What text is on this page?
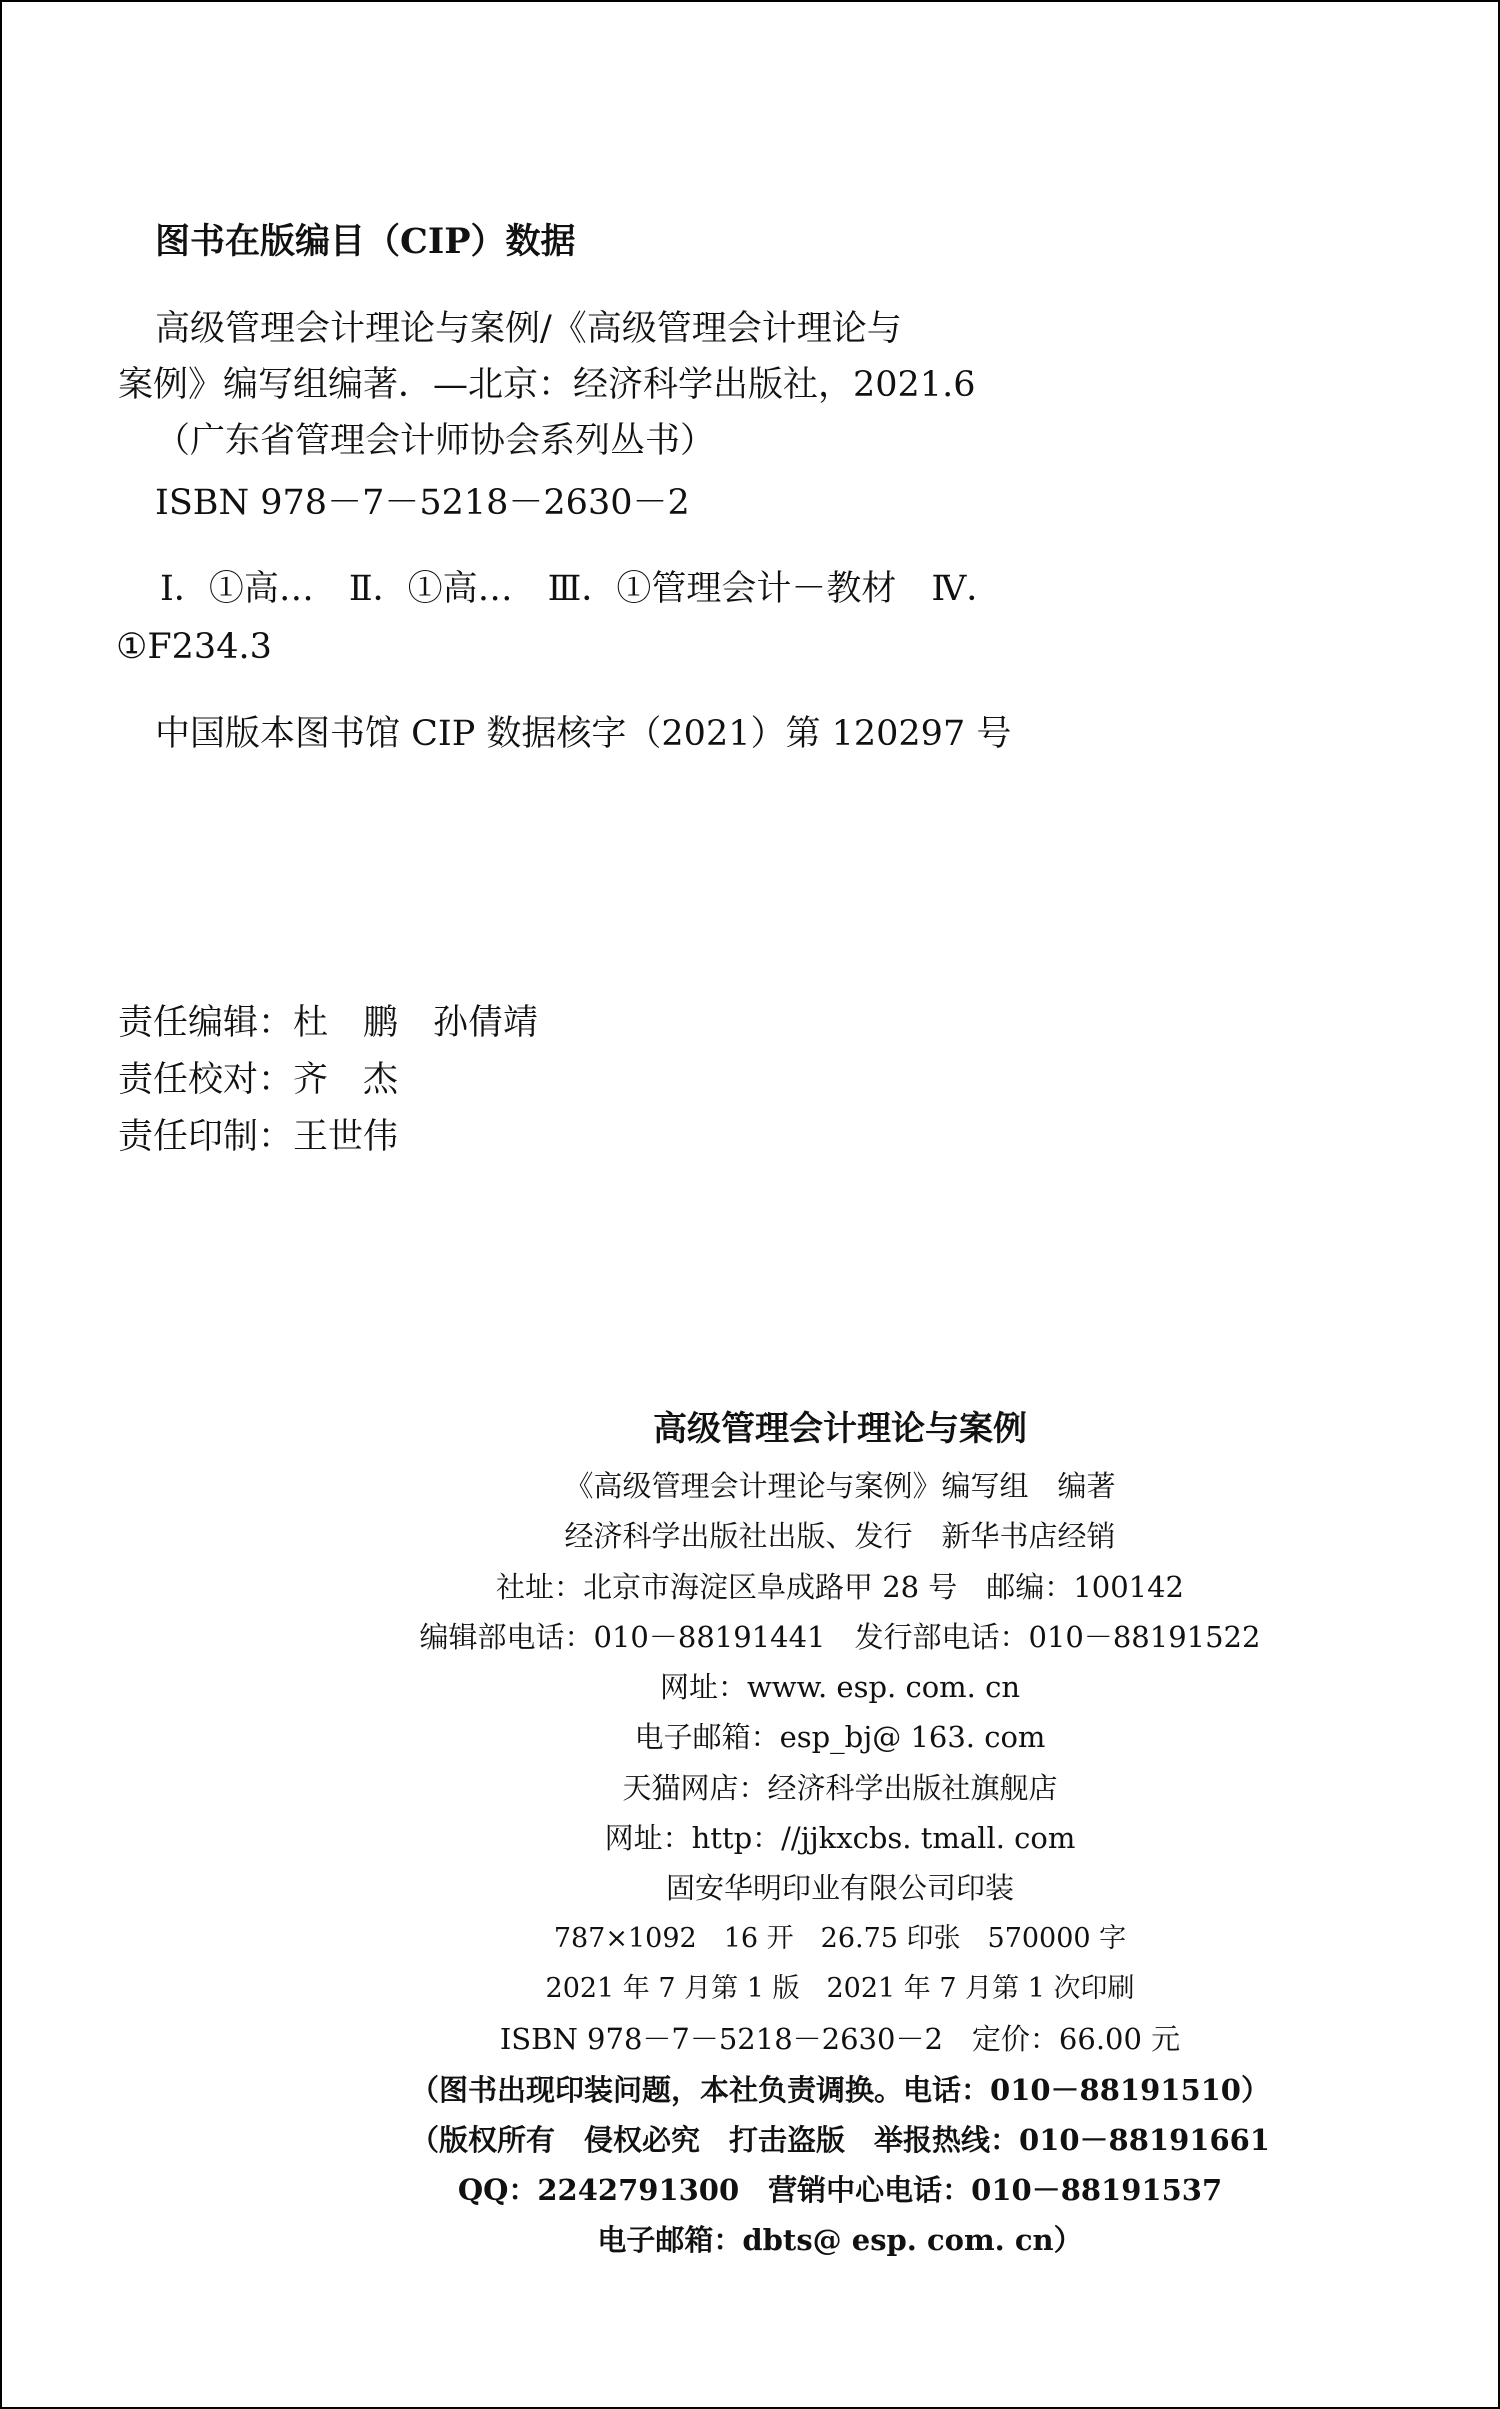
图书在版编目（CIP）数据
高级管理会计理论与案例/《高级管理会计理论与
案例》编写组编著．—北京：经济科学出版社，2021.6
（广东省管理会计师协会系列丛书）
ISBN 978－7－5218－2630－2
Ⅰ．①高…　Ⅱ．①高…　Ⅲ．①管理会计－教材　Ⅳ．
①F234.3
中国版本图书馆 CIP 数据核字（2021）第 120297 号
责任编辑：杜　鹏　孙倩靖
责任校对：齐　杰
责任印制：王世伟
高级管理会计理论与案例
《高级管理会计理论与案例》编写组　编著
经济科学出版社出版、发行　新华书店经销
社址：北京市海淀区阜成路甲 28 号　邮编：100142
编辑部电话：010－88191441　发行部电话：010－88191522
网址：www. esp. com. cn
电子邮箱：esp_bj@ 163. com
天猫网店：经济科学出版社旗舰店
网址：http：//jjkxcbs. tmall. com
固安华明印业有限公司印装
787×1092　16 开　26.75 印张　570000 字
2021 年 7 月第 1 版　2021 年 7 月第 1 次印刷
ISBN 978－7－5218－2630－2　定价：66.00 元
（图书出现印装问题，本社负责调换。电话：010－88191510）
（版权所有　侵权必究　打击盗版　举报热线：010－88191661
QQ：2242791300　营销中心电话：010－88191537
电子邮箱：dbts@ esp. com. cn）
